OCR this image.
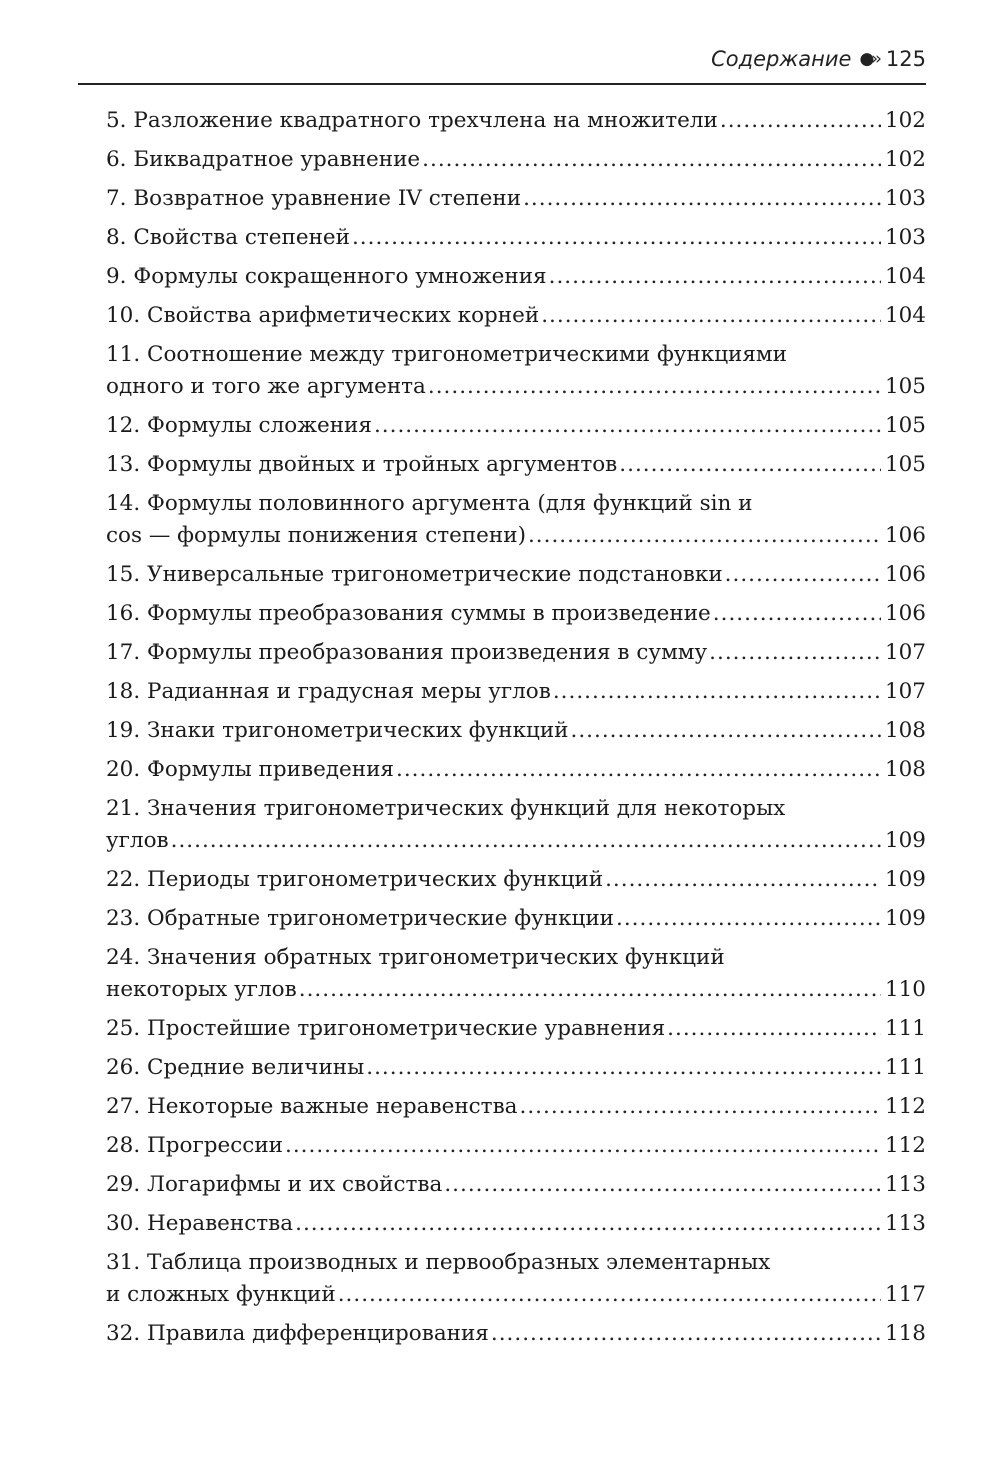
Содержание ●›› 125
5. Разложение квадратного трехчлена на множители .....	102
6. Биквадратное уравнение .....	102
7. Возвратное уравнение IV степени .....	103
8. Свойства степеней .....	103
9. Формулы сокращенного умножения .....	104
10. Свойства арифметических корней .....	104
11. Соотношение между тригонометрическими функциями
одного и того же аргумента .....	105
12. Формулы сложения .....	105
13. Формулы двойных и тройных аргументов .....	105
14. Формулы половинного аргумента (для функций sin и
cos — формулы понижения степени) .....	106
15. Универсальные тригонометрические подстановки .....	106
16. Формулы преобразования суммы в произведение .....	106
17. Формулы преобразования произведения в сумму .....	107
18. Радианная и градусная меры углов .....	107
19. Знаки тригонометрических функций .....	108
20. Формулы приведения .....	108
21. Значения тригонометрических функций для некоторых
углов .....	109
22. Периоды тригонометрических функций .....	109
23. Обратные тригонометрические функции .....	109
24. Значения обратных тригонометрических функций
некоторых углов .....	110
25. Простейшие тригонометрические уравнения .....	111
26. Средние величины .....	111
27. Некоторые важные неравенства .....	112
28. Прогрессии .....	112
29. Логарифмы и их свойства .....	113
30. Неравенства .....	113
31. Таблица производных и первообразных элементарных
и сложных функций .....	117
32. Правила дифференцирования .....	118
